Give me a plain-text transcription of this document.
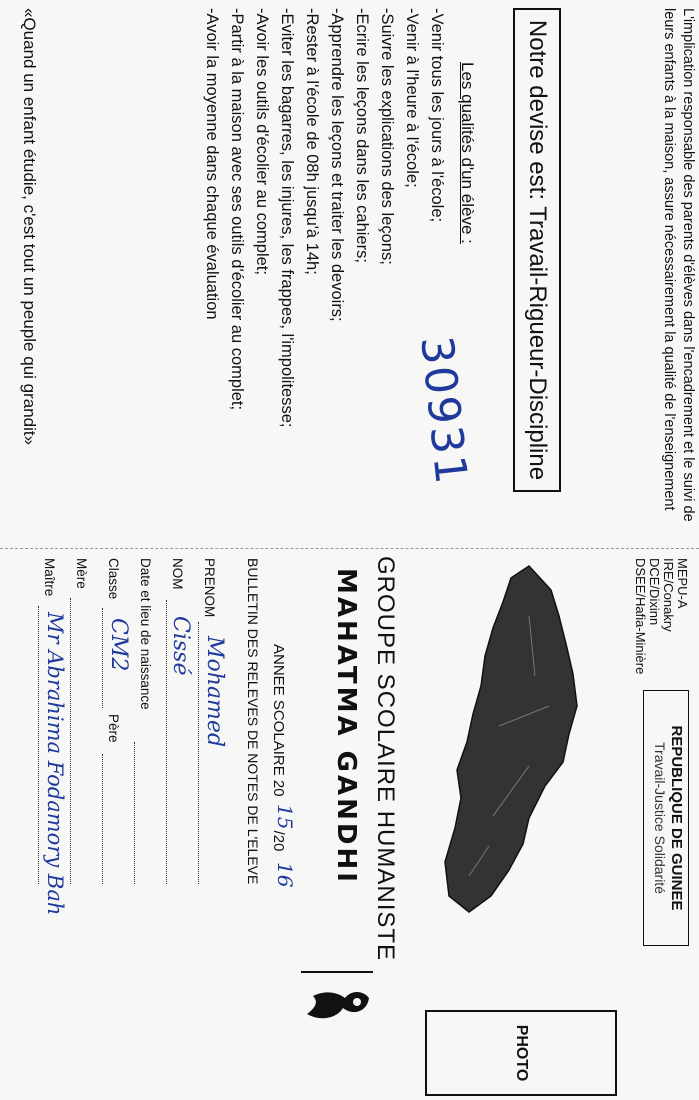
L'implication responsable des parents d'élèves dans l'encadrement et le suivi de leurs enfants à la maison, assure nécessairement la qualité de l'enseignement
Notre devise est: Travail-Rigueur-Discipline
Les qualités d'un élève :
30931
-Venir tous les jours à l'école;
-Venir à l'heure à l'école;
-Suivre les explications des leçons;
-Ecrire les leçons dans les cahiers;
-Apprendre les leçons et traiter les devoirs;
-Rester à l'école de 08h jusqu'à 14h;
-Eviter les bagarres, les injures, les frappes, l'impolitesse;
-Avoir les outils d'écolier au complet;
-Partir à la maison avec ses outils d'écolier au complet;
-Avoir la moyenne dans chaque évaluation
«Quand un enfant étudie, c'est tout un peuple qui grandit»
MEPU-A
IRE/Conakry
DCE/Dixinn
DSEE/Hafia-Minière
REPUBLIQUE DE GUINEE
Travail-Justice Solidarité
PHOTO
GROUPE SCOLAIRE HUMANISTE
MAHATMA GANDHI
ANNEE SCOLAIRE 20/20
15
16
BULLETIN DES RELEVES DE NOTES DE L'ELEVE
PRENOM
Mohamed
NOM
Cissé
Date et lieu de naissance
Classe
CM2
Père
Mère
Maître
Mr Abrahima Fodamory Bah
